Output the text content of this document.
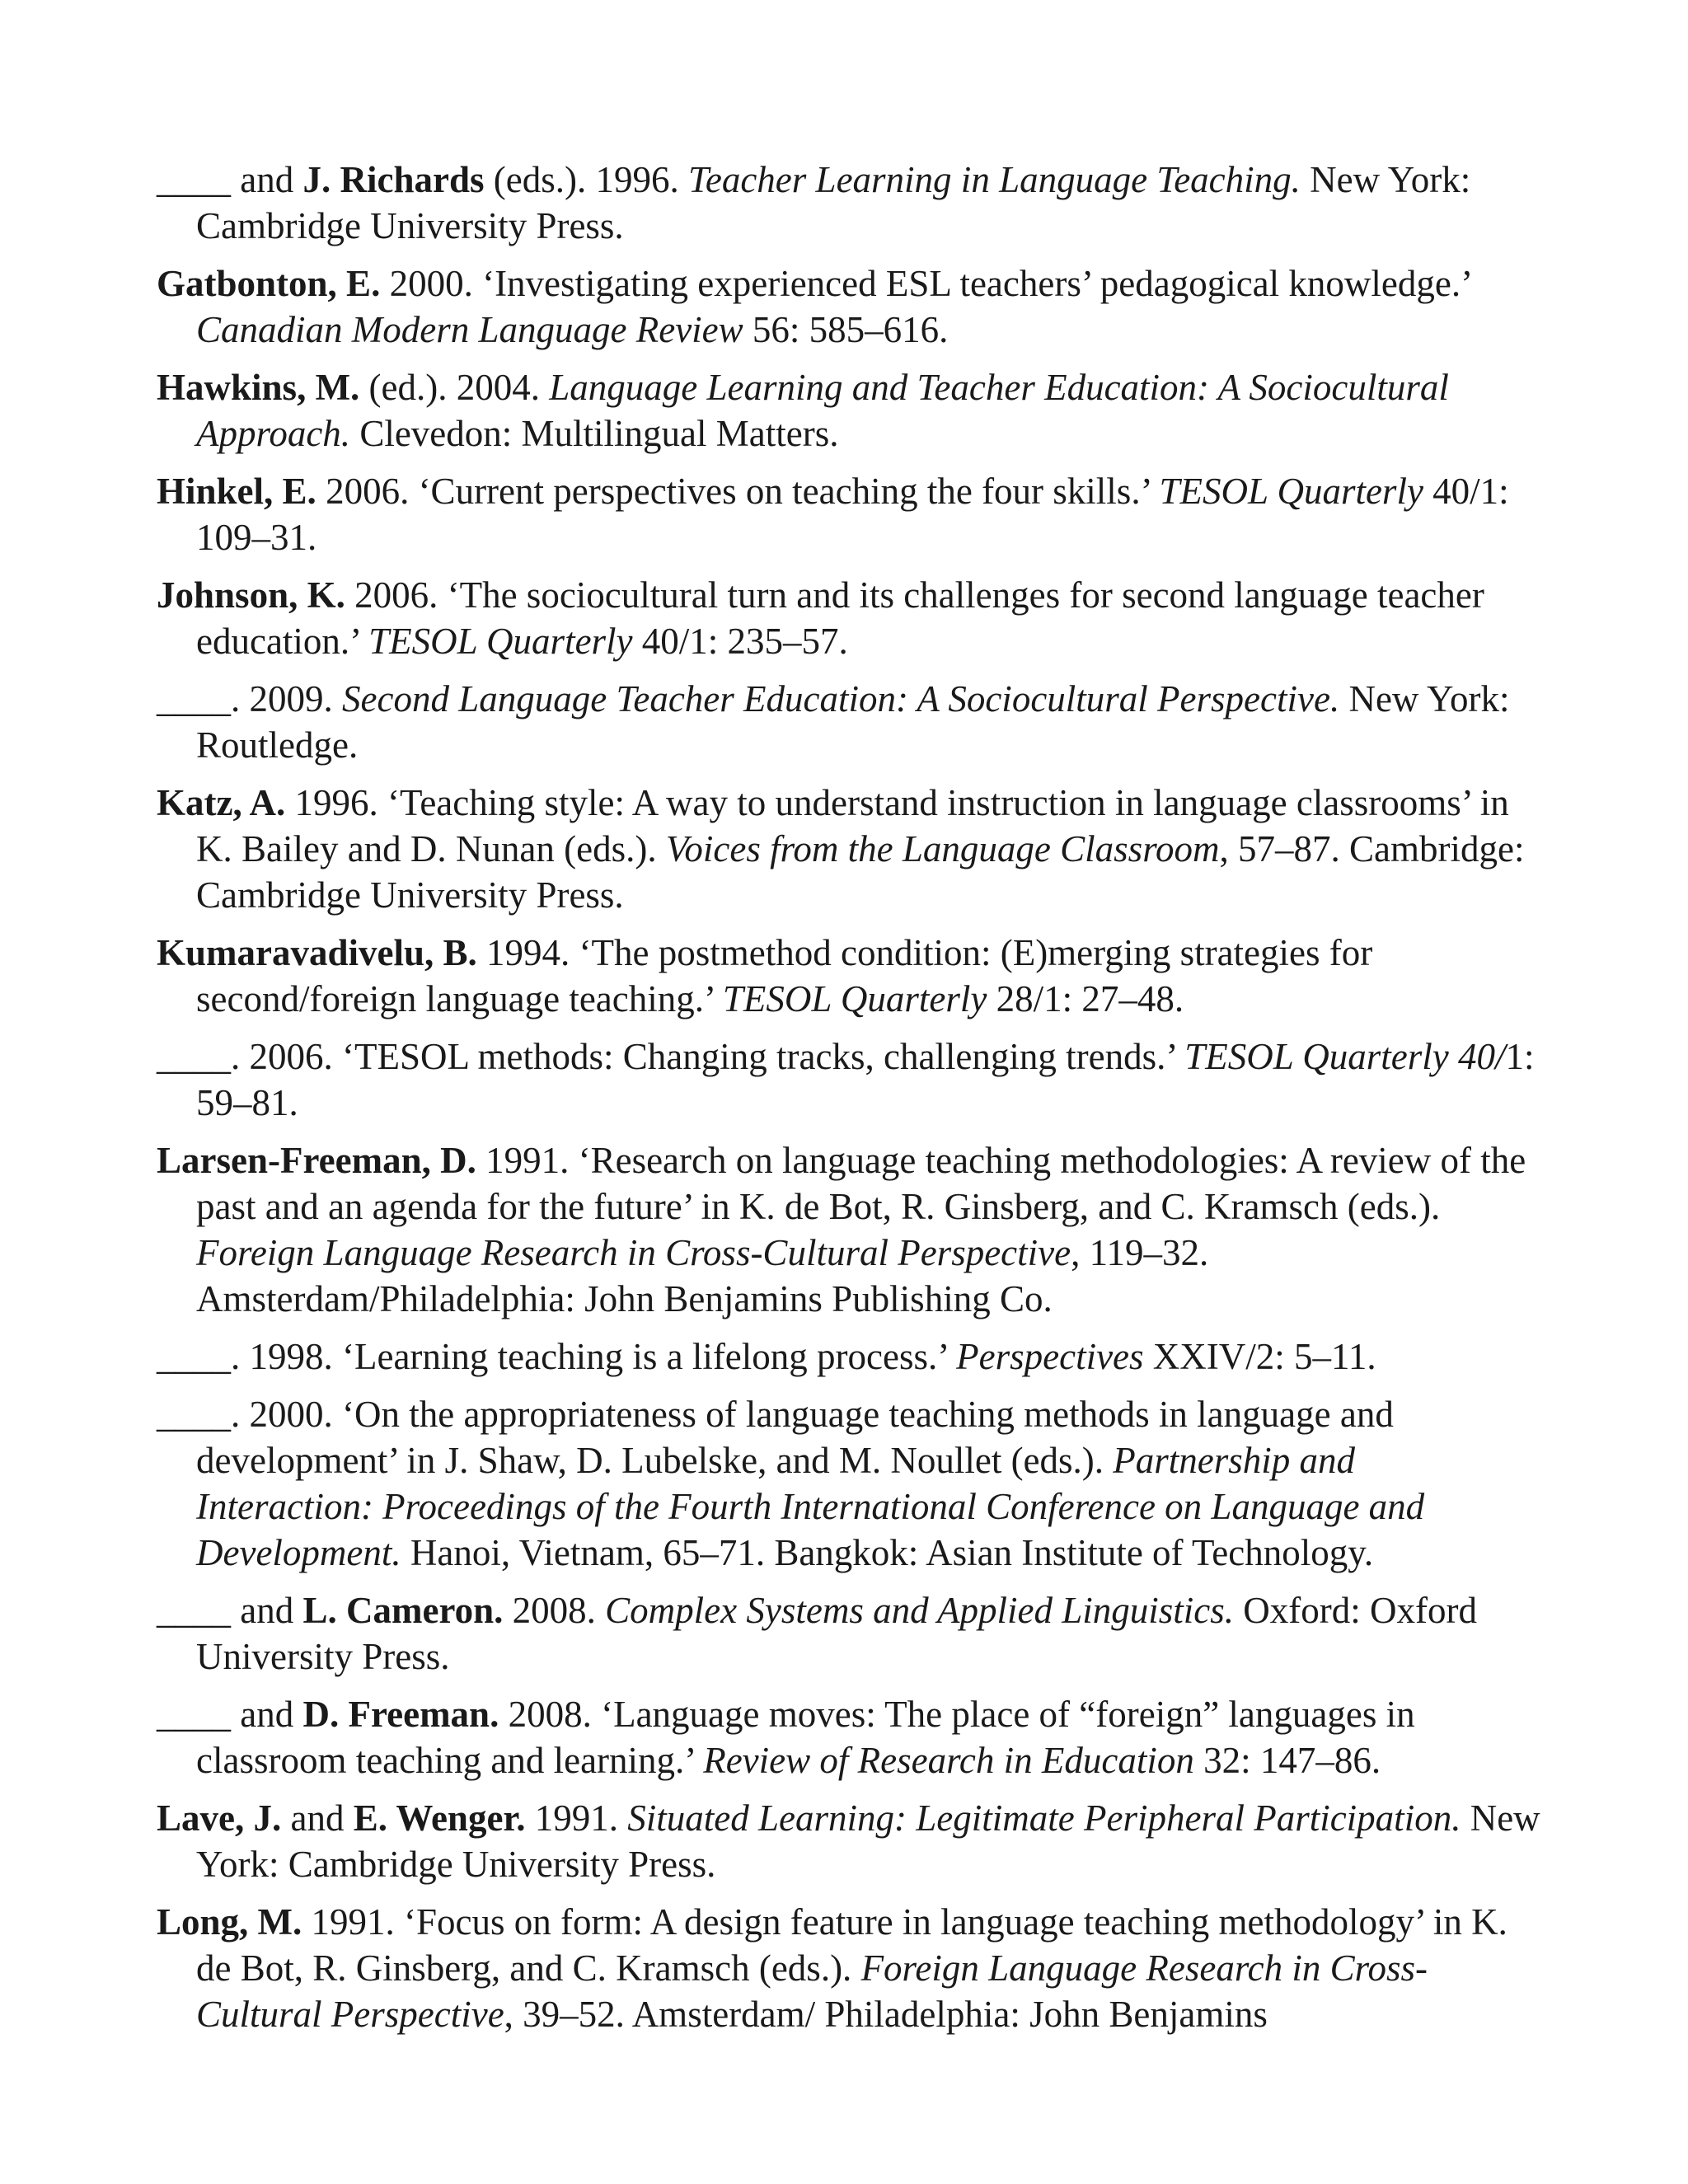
____ and J. Richards (eds.). 1996. Teacher Learning in Language Teaching. New York: Cambridge University Press.

Gatbonton, E. 2000. ‘Investigating experienced ESL teachers’ pedagogical knowledge.’ Canadian Modern Language Review 56: 585–616.

Hawkins, M. (ed.). 2004. Language Learning and Teacher Education: A Sociocultural Approach. Clevedon: Multilingual Matters.

Hinkel, E. 2006. ‘Current perspectives on teaching the four skills.’ TESOL Quarterly 40/1: 109–31.

Johnson, K. 2006. ‘The sociocultural turn and its challenges for second language teacher education.’ TESOL Quarterly 40/1: 235–57.

____. 2009. Second Language Teacher Education: A Sociocultural Perspective. New York: Routledge.

Katz, A. 1996. ‘Teaching style: A way to understand instruction in language classrooms’ in K. Bailey and D. Nunan (eds.). Voices from the Language Classroom, 57–87. Cambridge: Cambridge University Press.

Kumaravadivelu, B. 1994. ‘The postmethod condition: (E)merging strategies for second/foreign language teaching.’ TESOL Quarterly 28/1: 27–48.

____. 2006. ‘TESOL methods: Changing tracks, challenging trends.’ TESOL Quarterly 40/1: 59–81.

Larsen-Freeman, D. 1991. ‘Research on language teaching methodologies: A review of the past and an agenda for the future’ in K. de Bot, R. Ginsberg, and C. Kramsch (eds.). Foreign Language Research in Cross-Cultural Perspective, 119–32. Amsterdam/Philadelphia: John Benjamins Publishing Co.

____. 1998. ‘Learning teaching is a lifelong process.’ Perspectives XXIV/2: 5–11.

____. 2000. ‘On the appropriateness of language teaching methods in language and development’ in J. Shaw, D. Lubelske, and M. Noullet (eds.). Partnership and Interaction: Proceedings of the Fourth International Conference on Language and Development. Hanoi, Vietnam, 65–71. Bangkok: Asian Institute of Technology.

____ and L. Cameron. 2008. Complex Systems and Applied Linguistics. Oxford: Oxford University Press.

____ and D. Freeman. 2008. ‘Language moves: The place of “foreign” languages in classroom teaching and learning.’ Review of Research in Education 32: 147–86.

Lave, J. and E. Wenger. 1991. Situated Learning: Legitimate Peripheral Participation. New York: Cambridge University Press.

Long, M. 1991. ‘Focus on form: A design feature in language teaching methodology’ in K. de Bot, R. Ginsberg, and C. Kramsch (eds.). Foreign Language Research in Cross-Cultural Perspective, 39–52. Amsterdam/ Philadelphia: John Benjamins
